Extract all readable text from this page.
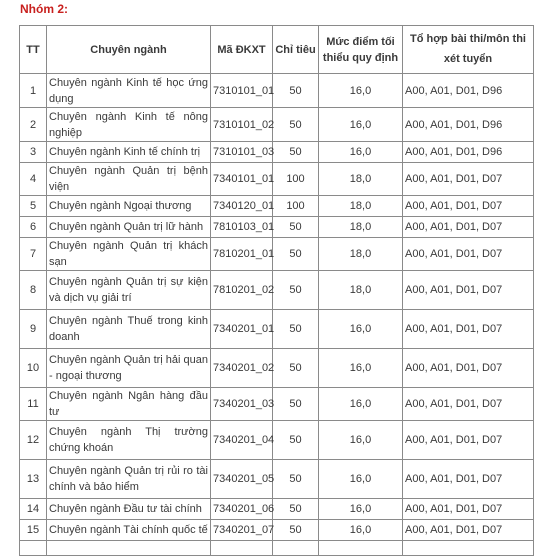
Nhóm 2:
TT	Chuyên ngành	Mã ĐKXT	Chỉ tiêu	Mức điểm tối thiểu quy định	Tổ hợp bài thi/môn thi xét tuyển
1	Chuyên ngành Kinh tế học ứng dụng	7310101_01	50	16,0	A00, A01, D01, D96
2	Chuyên ngành Kinh tế nông nghiệp	7310101_02	50	16,0	A00, A01, D01, D96
3	Chuyên ngành Kinh tế chính trị	7310101_03	50	16,0	A00, A01, D01, D96
4	Chuyên ngành Quản trị bệnh viện	7340101_01	100	18,0	A00, A01, D01, D07
5	Chuyên ngành Ngoại thương	7340120_01	100	18,0	A00, A01, D01, D07
6	Chuyên ngành Quản trị lữ hành	7810103_01	50	18,0	A00, A01, D01, D07
7	Chuyên ngành Quản trị khách sạn	7810201_01	50	18,0	A00, A01, D01, D07
8	Chuyên ngành Quản trị sự kiện và dịch vụ giải trí	7810201_02	50	18,0	A00, A01, D01, D07
9	Chuyên ngành Thuế trong kinh doanh	7340201_01	50	16,0	A00, A01, D01, D07
10	Chuyên ngành Quản trị hải quan - ngoại thương	7340201_02	50	16,0	A00, A01, D01, D07
11	Chuyên ngành Ngân hàng đầu tư	7340201_03	50	16,0	A00, A01, D01, D07
12	Chuyên ngành Thị trường chứng khoán	7340201_04	50	16,0	A00, A01, D01, D07
13	Chuyên ngành Quản trị rủi ro tài chính và bảo hiểm	7340201_05	50	16,0	A00, A01, D01, D07
14	Chuyên ngành Đầu tư tài chính	7340201_06	50	16,0	A00, A01, D01, D07
15	Chuyên ngành Tài chính quốc tế	7340201_07	50	16,0	A00, A01, D01, D07
